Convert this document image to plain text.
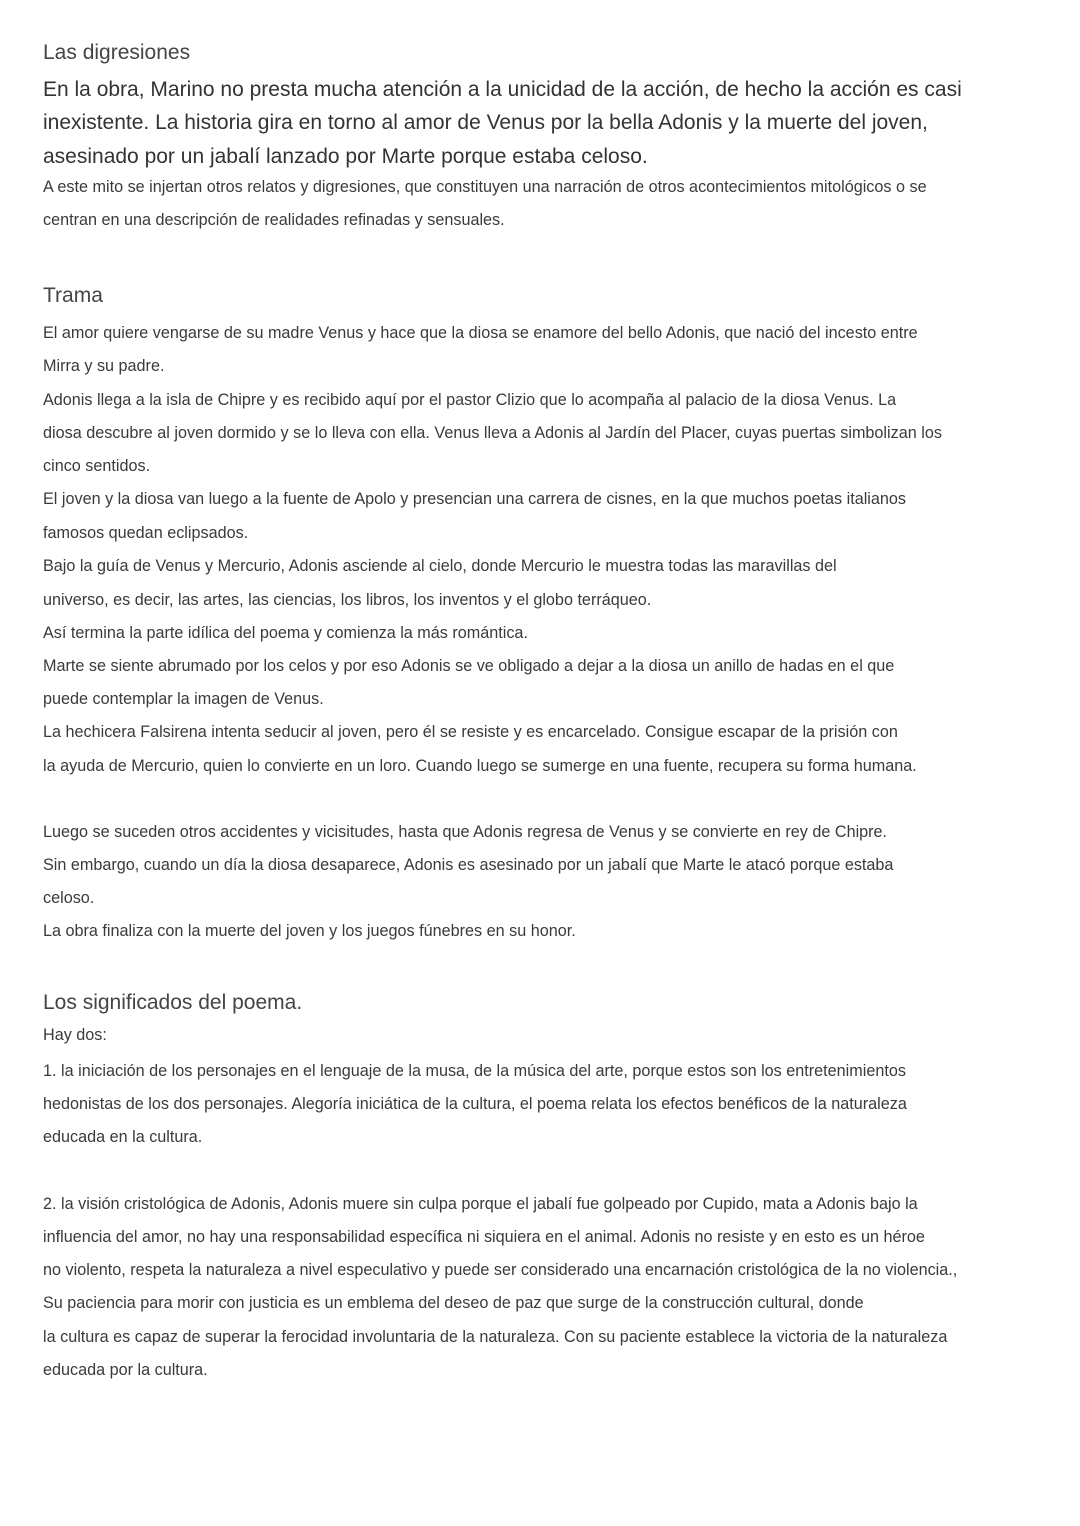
Las digresiones
En la obra, Marino no presta mucha atención a la unicidad de la acción, de hecho la acción es casi
inexistente. La historia gira en torno al amor de Venus por la bella Adonis y la muerte del joven,
asesinado por un jabalí lanzado por Marte porque estaba celoso.
A este mito se injertan otros relatos y digresiones, que constituyen una narración de otros acontecimientos mitológicos o se
centran en una descripción de realidades refinadas y sensuales.
Trama
El amor quiere vengarse de su madre Venus y hace que la diosa se enamore del bello Adonis, que nació del incesto entre
Mirra y su padre.
Adonis llega a la isla de Chipre y es recibido aquí por el pastor Clizio que lo acompaña al palacio de la diosa Venus. La
diosa descubre al joven dormido y se lo lleva con ella. Venus lleva a Adonis al Jardín del Placer, cuyas puertas simbolizan los
cinco sentidos.
El joven y la diosa van luego a la fuente de Apolo y presencian una carrera de cisnes, en la que muchos poetas italianos
famosos quedan eclipsados.
Bajo la guía de Venus y Mercurio, Adonis asciende al cielo, donde Mercurio le muestra todas las maravillas del
universo, es decir, las artes, las ciencias, los libros, los inventos y el globo terráqueo.
Así termina la parte idílica del poema y comienza la más romántica.
Marte se siente abrumado por los celos y por eso Adonis se ve obligado a dejar a la diosa un anillo de hadas en el que
puede contemplar la imagen de Venus.
La hechicera Falsirena intenta seducir al joven, pero él se resiste y es encarcelado. Consigue escapar de la prisión con
la ayuda de Mercurio, quien lo convierte en un loro. Cuando luego se sumerge en una fuente, recupera su forma humana.
Luego se suceden otros accidentes y vicisitudes, hasta que Adonis regresa de Venus y se convierte en rey de Chipre.
Sin embargo, cuando un día la diosa desaparece, Adonis es asesinado por un jabalí que Marte le atacó porque estaba
celoso.
La obra finaliza con la muerte del joven y los juegos fúnebres en su honor.
Los significados del poema.
Hay dos:
1. la iniciación de los personajes en el lenguaje de la musa, de la música del arte, porque estos son los entretenimientos
hedonistas de los dos personajes. Alegoría iniciática de la cultura, el poema relata los efectos benéficos de la naturaleza
educada en la cultura.
2. la visión cristológica de Adonis, Adonis muere sin culpa porque el jabalí fue golpeado por Cupido, mata a Adonis bajo la
influencia del amor, no hay una responsabilidad específica ni siquiera en el animal. Adonis no resiste y en esto es un héroe
no violento, respeta la naturaleza a nivel especulativo y puede ser considerado una encarnación cristológica de la no violencia.,
Su paciencia para morir con justicia es un emblema del deseo de paz que surge de la construcción cultural, donde
la cultura es capaz de superar la ferocidad involuntaria de la naturaleza. Con su paciente establece la victoria de la naturaleza
educada por la cultura.
